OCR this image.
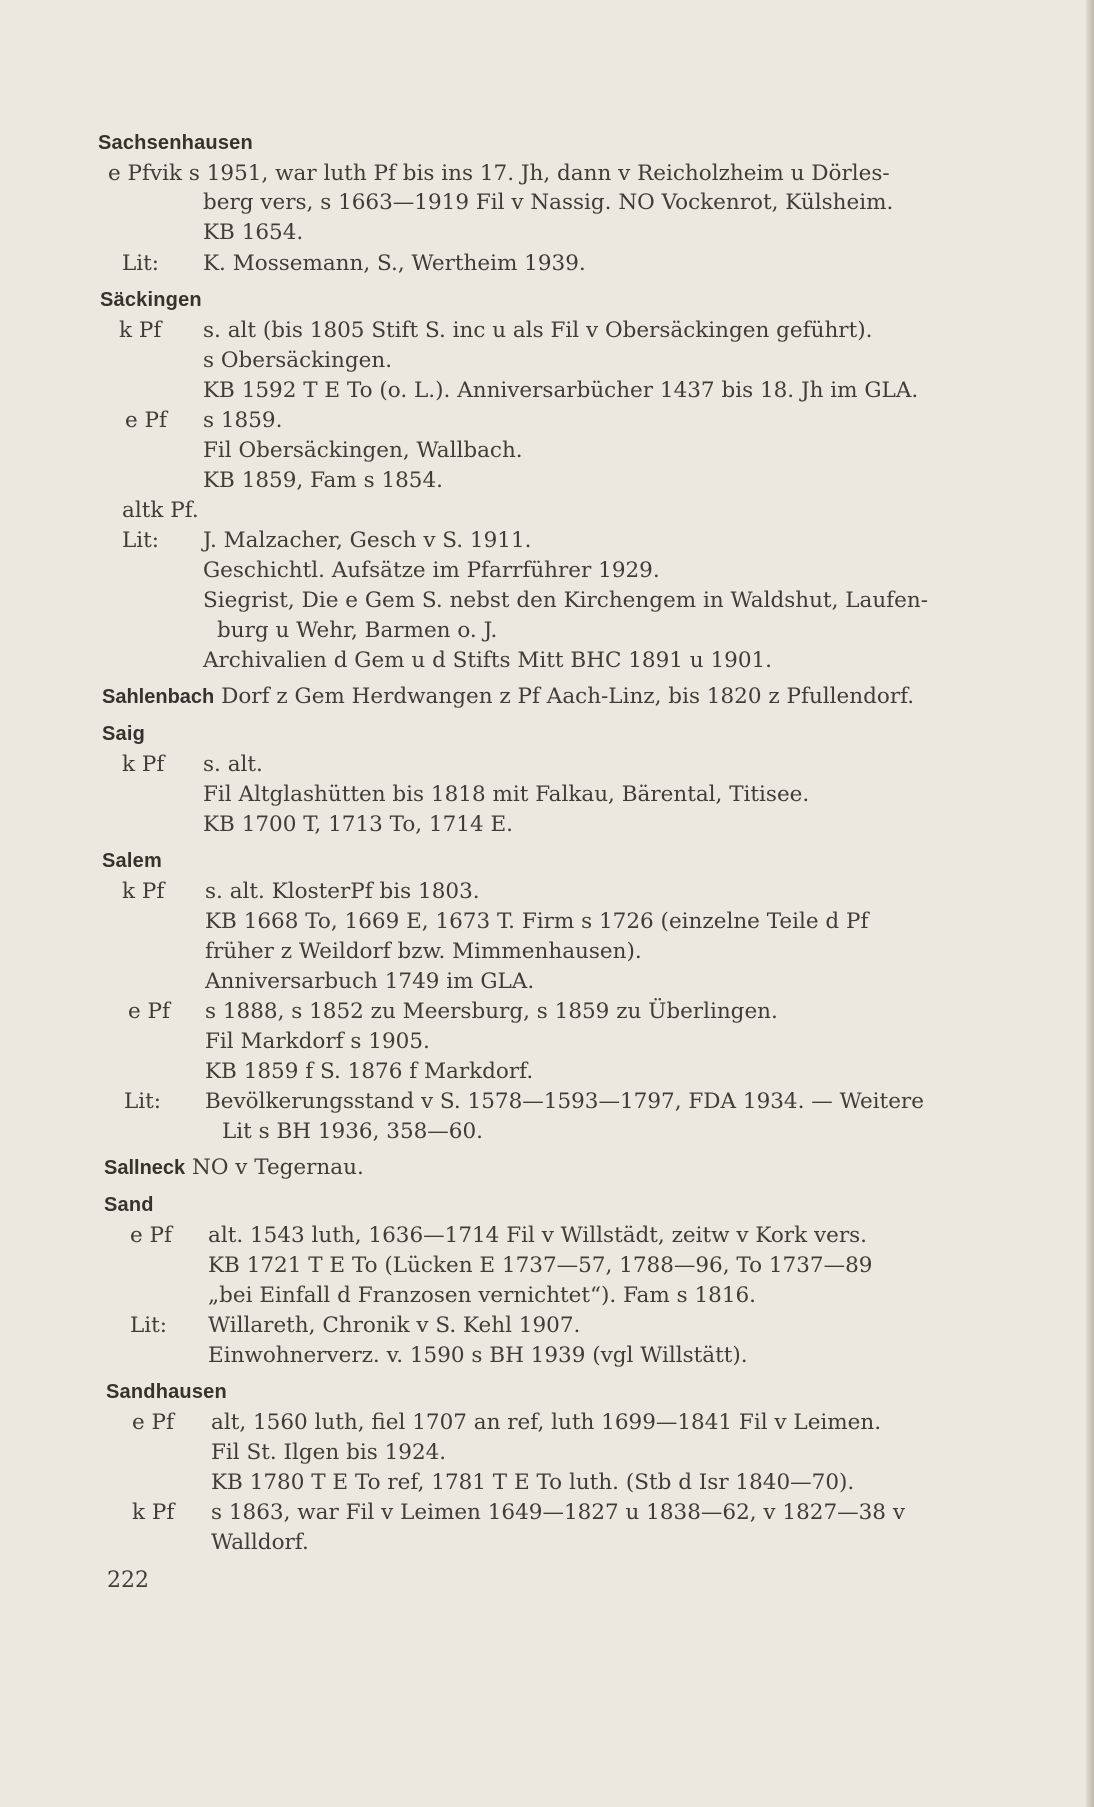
Sachsenhausen
e Pfvik s 1951, war luth Pf bis ins 17. Jh, dann v Reicholzheim u Dörles-
berg vers, s 1663—1919 Fil v Nassig. NO Vockenrot, Külsheim.
KB 1654.
Lit: K. Mossemann, S., Wertheim 1939.
Säckingen
k Pf s. alt (bis 1805 Stift S. inc u als Fil v Obersäckingen geführt).
s Obersäckingen.
KB 1592 T E To (o. L.). Anniversarbücher 1437 bis 18. Jh im GLA.
e Pf s 1859.
Fil Obersäckingen, Wallbach.
KB 1859, Fam s 1854.
altk Pf.
Lit: J. Malzacher, Gesch v S. 1911.
Geschichtl. Aufsätze im Pfarrführer 1929.
Siegrist, Die e Gem S. nebst den Kirchengem in Waldshut, Laufen-
burg u Wehr, Barmen o. J.
Archivalien d Gem u d Stifts Mitt BHC 1891 u 1901.
Sahlenbach Dorf z Gem Herdwangen z Pf Aach-Linz, bis 1820 z Pfullendorf.
Saig
k Pf s. alt.
Fil Altglashütten bis 1818 mit Falkau, Bärental, Titisee.
KB 1700 T, 1713 To, 1714 E.
Salem
k Pf s. alt. KlosterPf bis 1803.
KB 1668 To, 1669 E, 1673 T. Firm s 1726 (einzelne Teile d Pf
früher z Weildorf bzw. Mimmenhausen).
Anniversarbuch 1749 im GLA.
e Pf s 1888, s 1852 zu Meersburg, s 1859 zu Überlingen.
Fil Markdorf s 1905.
KB 1859 f S. 1876 f Markdorf.
Lit: Bevölkerungsstand v S. 1578—1593—1797, FDA 1934. — Weitere
Lit s BH 1936, 358—60.
Sallneck NO v Tegernau.
Sand
e Pf alt. 1543 luth, 1636—1714 Fil v Willstädt, zeitw v Kork vers.
KB 1721 T E To (Lücken E 1737—57, 1788—96, To 1737—89
„bei Einfall d Franzosen vernichtet“). Fam s 1816.
Lit: Willareth, Chronik v S. Kehl 1907.
Einwohnerverz. v. 1590 s BH 1939 (vgl Willstätt).
Sandhausen
e Pf alt, 1560 luth, fiel 1707 an ref, luth 1699—1841 Fil v Leimen.
Fil St. Ilgen bis 1924.
KB 1780 T E To ref, 1781 T E To luth. (Stb d Isr 1840—70).
k Pf s 1863, war Fil v Leimen 1649—1827 u 1838—62, v 1827—38 v
Walldorf.
222
